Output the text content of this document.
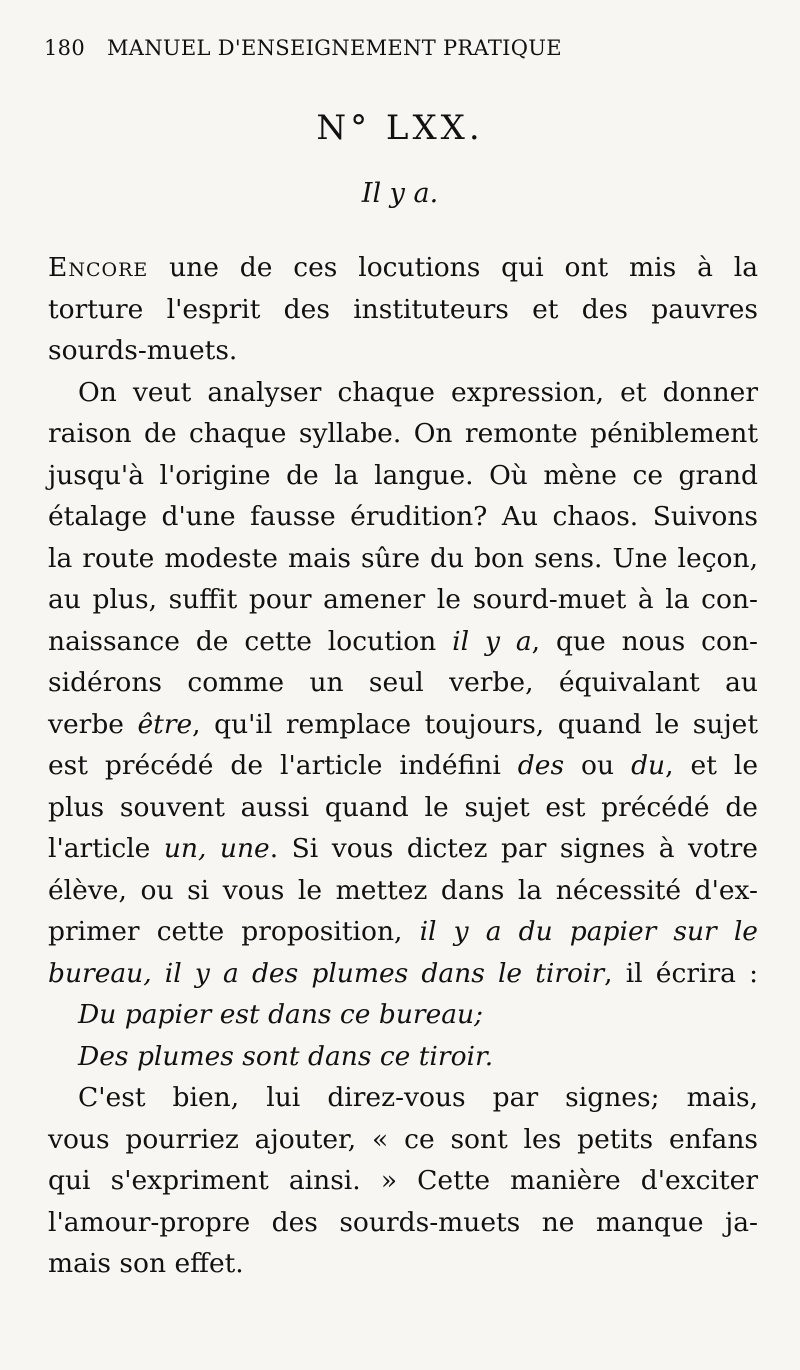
180 MANUEL D'ENSEIGNEMENT PRATIQUE
N° LXX.
Il y a.
Encore une de ces locutions qui ont mis à la
torture l'esprit des instituteurs et des pauvres
sourds-muets.
On veut analyser chaque expression, et donner
raison de chaque syllabe. On remonte péniblement
jusqu'à l'origine de la langue. Où mène ce grand
étalage d'une fausse érudition? Au chaos. Suivons
la route modeste mais sûre du bon sens. Une leçon,
au plus, suffit pour amener le sourd-muet à la con-
naissance de cette locution il y a, que nous con-
sidérons comme un seul verbe, équivalant au
verbe être, qu'il remplace toujours, quand le sujet
est précédé de l'article indéfini des ou du, et le
plus souvent aussi quand le sujet est précédé de
l'article un, une. Si vous dictez par signes à votre
élève, ou si vous le mettez dans la nécessité d'ex-
primer cette proposition, il y a du papier sur le
bureau, il y a des plumes dans le tiroir, il écrira :
Du papier est dans ce bureau;
Des plumes sont dans ce tiroir.
C'est bien, lui direz-vous par signes; mais,
vous pourriez ajouter, « ce sont les petits enfans
qui s'expriment ainsi. » Cette manière d'exciter
l'amour-propre des sourds-muets ne manque ja-
mais son effet.
